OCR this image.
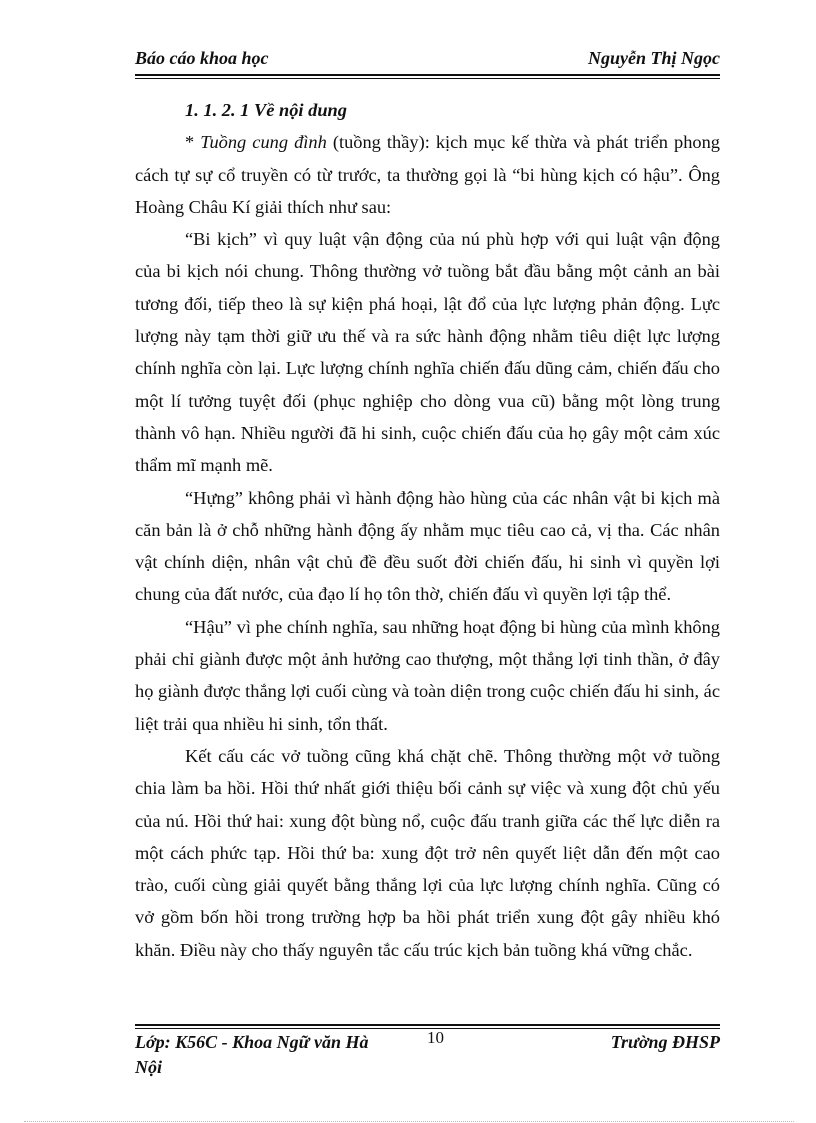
Báo cáo khoa học	Nguyễn Thị Ngọc
1. 1. 2. 1 Về nội dung

* Tuồng cung đình (tuồng thầy): kịch mục kế thừa và phát triển phong cách tự sự cổ truyền có từ trước, ta thường gọi là “bi hùng kịch có hậu”. Ông Hoàng Châu Kí giải thích như sau:

“Bi kịch” vì quy luật vận động của nú phù hợp với qui luật vận động của bi kịch nói chung. Thông thường vở tuồng bắt đầu bằng một cảnh an bài tương đối, tiếp theo là sự kiện phá hoại, lật đổ của lực lượng phản động. Lực lượng này tạm thời giữ ưu thế và ra sức hành động nhằm tiêu diệt lực lượng chính nghĩa còn lại. Lực lượng chính nghĩa chiến đấu dũng cảm, chiến đấu cho một lí tưởng tuyệt đối (phục nghiệp cho dòng vua cũ) bằng một lòng trung thành vô hạn. Nhiều người đã hi sinh, cuộc chiến đấu của họ gây một cảm xúc thẩm mĩ mạnh mẽ.

“Hựng” không phải vì hành động hào hùng của các nhân vật bi kịch mà căn bản là ở chỗ những hành động ấy nhằm mục tiêu cao cả, vị tha. Các nhân vật chính diện, nhân vật chủ đề đều suốt đời chiến đấu, hi sinh vì quyền lợi chung của đất nước, của đạo lí họ tôn thờ, chiến đấu vì quyền lợi tập thể.

“Hậu” vì phe chính nghĩa, sau những hoạt động bi hùng của mình không phải chỉ giành được một ảnh hưởng cao thượng, một thắng lợi tinh thần, ở đây họ giành được thắng lợi cuối cùng và toàn diện trong cuộc chiến đấu hi sinh, ác liệt trải qua nhiều hi sinh, tổn thất.

Kết cấu các vở tuồng cũng khá chặt chẽ. Thông thường một vở tuồng chia làm ba hồi. Hồi thứ nhất giới thiệu bối cảnh sự việc và xung đột chủ yếu của nú. Hồi thứ hai: xung đột bùng nổ, cuộc đấu tranh giữa các thế lực diễn ra một cách phức tạp. Hồi thứ ba: xung đột trở nên quyết liệt dẫn đến một cao trào, cuối cùng giải quyết bằng thắng lợi của lực lượng chính nghĩa. Cũng có vở gồm bốn hồi trong trường hợp ba hồi phát triển xung đột gây nhiều khó khăn. Điều này cho thấy nguyên tắc cấu trúc kịch bản tuồng khá vững chắc.

Lớp: K56C - Khoa Ngữ văn Hà Nội
10	Trường ĐHSP
